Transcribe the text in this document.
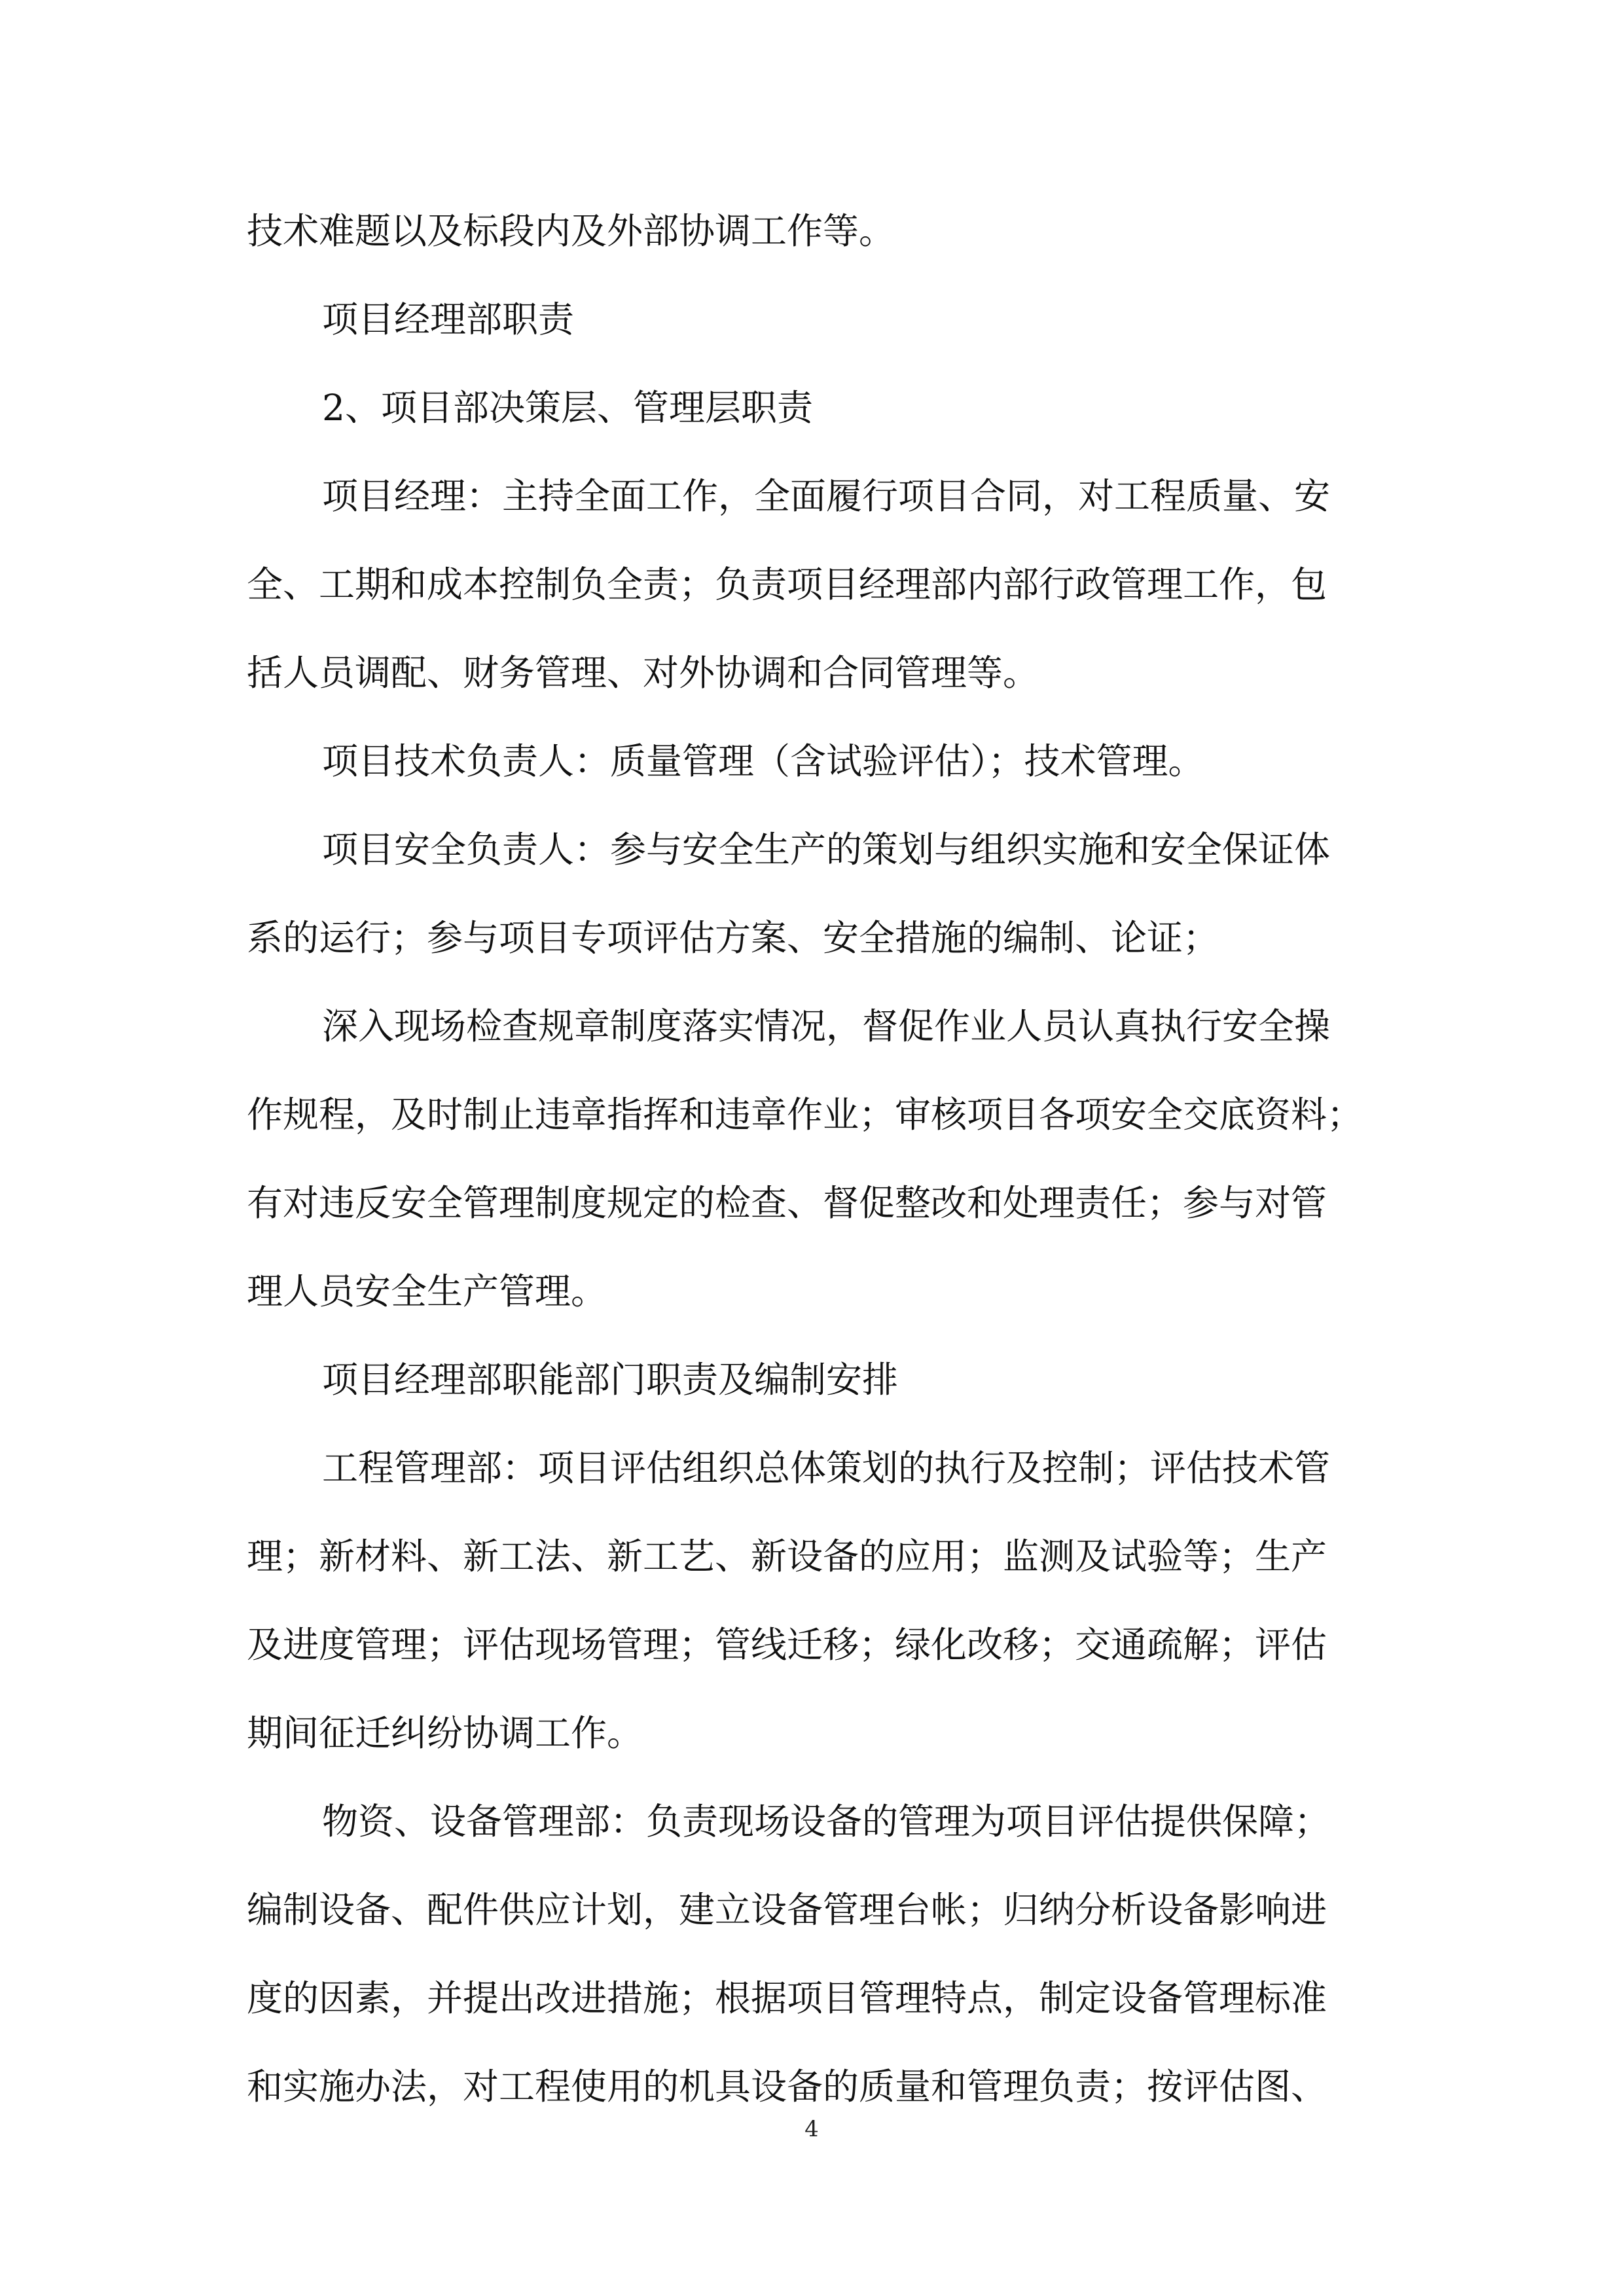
技术难题以及标段内及外部协调工作等。
项目经理部职责
2、项目部决策层、管理层职责
项目经理：主持全面工作，全面履行项目合同，对工程质量、安
全、工期和成本控制负全责；负责项目经理部内部行政管理工作，包
括人员调配、财务管理、对外协调和合同管理等。
项目技术负责人：质量管理（含试验评估）；技术管理。
项目安全负责人：参与安全生产的策划与组织实施和安全保证体
系的运行；参与项目专项评估方案、安全措施的编制、论证；
深入现场检查规章制度落实情况，督促作业人员认真执行安全操
作规程，及时制止违章指挥和违章作业；审核项目各项安全交底资料；
有对违反安全管理制度规定的检查、督促整改和处理责任；参与对管
理人员安全生产管理。
项目经理部职能部门职责及编制安排
工程管理部：项目评估组织总体策划的执行及控制；评估技术管
理；新材料、新工法、新工艺、新设备的应用；监测及试验等；生产
及进度管理；评估现场管理；管线迁移；绿化改移；交通疏解；评估
期间征迁纠纷协调工作。
物资、设备管理部：负责现场设备的管理为项目评估提供保障；
编制设备、配件供应计划，建立设备管理台帐；归纳分析设备影响进
度的因素，并提出改进措施；根据项目管理特点，制定设备管理标准
和实施办法，对工程使用的机具设备的质量和管理负责；按评估图、
4
